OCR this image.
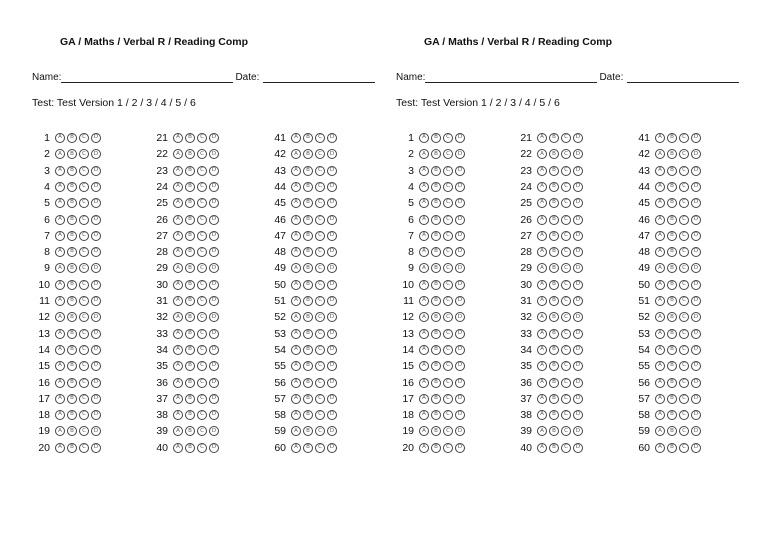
GA / Maths / Verbal R / Reading Comp
Name:	Date:
Test: Test Version 1 / 2 / 3 / 4 / 5 / 6
1	A	B	C	D
2	A	B	C	D
3	A	B	C	D
4	A	B	C	D
5	A	B	C	D
6	A	B	C	D
7	A	B	C	D
8	A	B	C	D
9	A	B	C	D
10	A	B	C	D
11	A	B	C	D
12	A	B	C	D
13	A	B	C	D
14	A	B	C	D
15	A	B	C	D
16	A	B	C	D
17	A	B	C	D
18	A	B	C	D
19	A	B	C	D
20	A	B	C	D
21	A	B	C	D
22	A	B	C	D
23	A	B	C	D
24	A	B	C	D
25	A	B	C	D
26	A	B	C	D
27	A	B	C	D
28	A	B	C	D
29	A	B	C	D
30	A	B	C	D
31	A	B	C	D
32	A	B	C	D
33	A	B	C	D
34	A	B	C	D
35	A	B	C	D
36	A	B	C	D
37	A	B	C	D
38	A	B	C	D
39	A	B	C	D
40	A	B	C	D
41	A	B	C	D
42	A	B	C	D
43	A	B	C	D
44	A	B	C	D
45	A	B	C	D
46	A	B	C	D
47	A	B	C	D
48	A	B	C	D
49	A	B	C	D
50	A	B	C	D
51	A	B	C	D
52	A	B	C	D
53	A	B	C	D
54	A	B	C	D
55	A	B	C	D
56	A	B	C	D
57	A	B	C	D
58	A	B	C	D
59	A	B	C	D
60	A	B	C	D
GA / Maths / Verbal R / Reading Comp
Name:	Date:
Test: Test Version 1 / 2 / 3 / 4 / 5 / 6
1	A	B	C	D
2	A	B	C	D
3	A	B	C	D
4	A	B	C	D
5	A	B	C	D
6	A	B	C	D
7	A	B	C	D
8	A	B	C	D
9	A	B	C	D
10	A	B	C	D
11	A	B	C	D
12	A	B	C	D
13	A	B	C	D
14	A	B	C	D
15	A	B	C	D
16	A	B	C	D
17	A	B	C	D
18	A	B	C	D
19	A	B	C	D
20	A	B	C	D
21	A	B	C	D
22	A	B	C	D
23	A	B	C	D
24	A	B	C	D
25	A	B	C	D
26	A	B	C	D
27	A	B	C	D
28	A	B	C	D
29	A	B	C	D
30	A	B	C	D
31	A	B	C	D
32	A	B	C	D
33	A	B	C	D
34	A	B	C	D
35	A	B	C	D
36	A	B	C	D
37	A	B	C	D
38	A	B	C	D
39	A	B	C	D
40	A	B	C	D
41	A	B	C	D
42	A	B	C	D
43	A	B	C	D
44	A	B	C	D
45	A	B	C	D
46	A	B	C	D
47	A	B	C	D
48	A	B	C	D
49	A	B	C	D
50	A	B	C	D
51	A	B	C	D
52	A	B	C	D
53	A	B	C	D
54	A	B	C	D
55	A	B	C	D
56	A	B	C	D
57	A	B	C	D
58	A	B	C	D
59	A	B	C	D
60	A	B	C	D
